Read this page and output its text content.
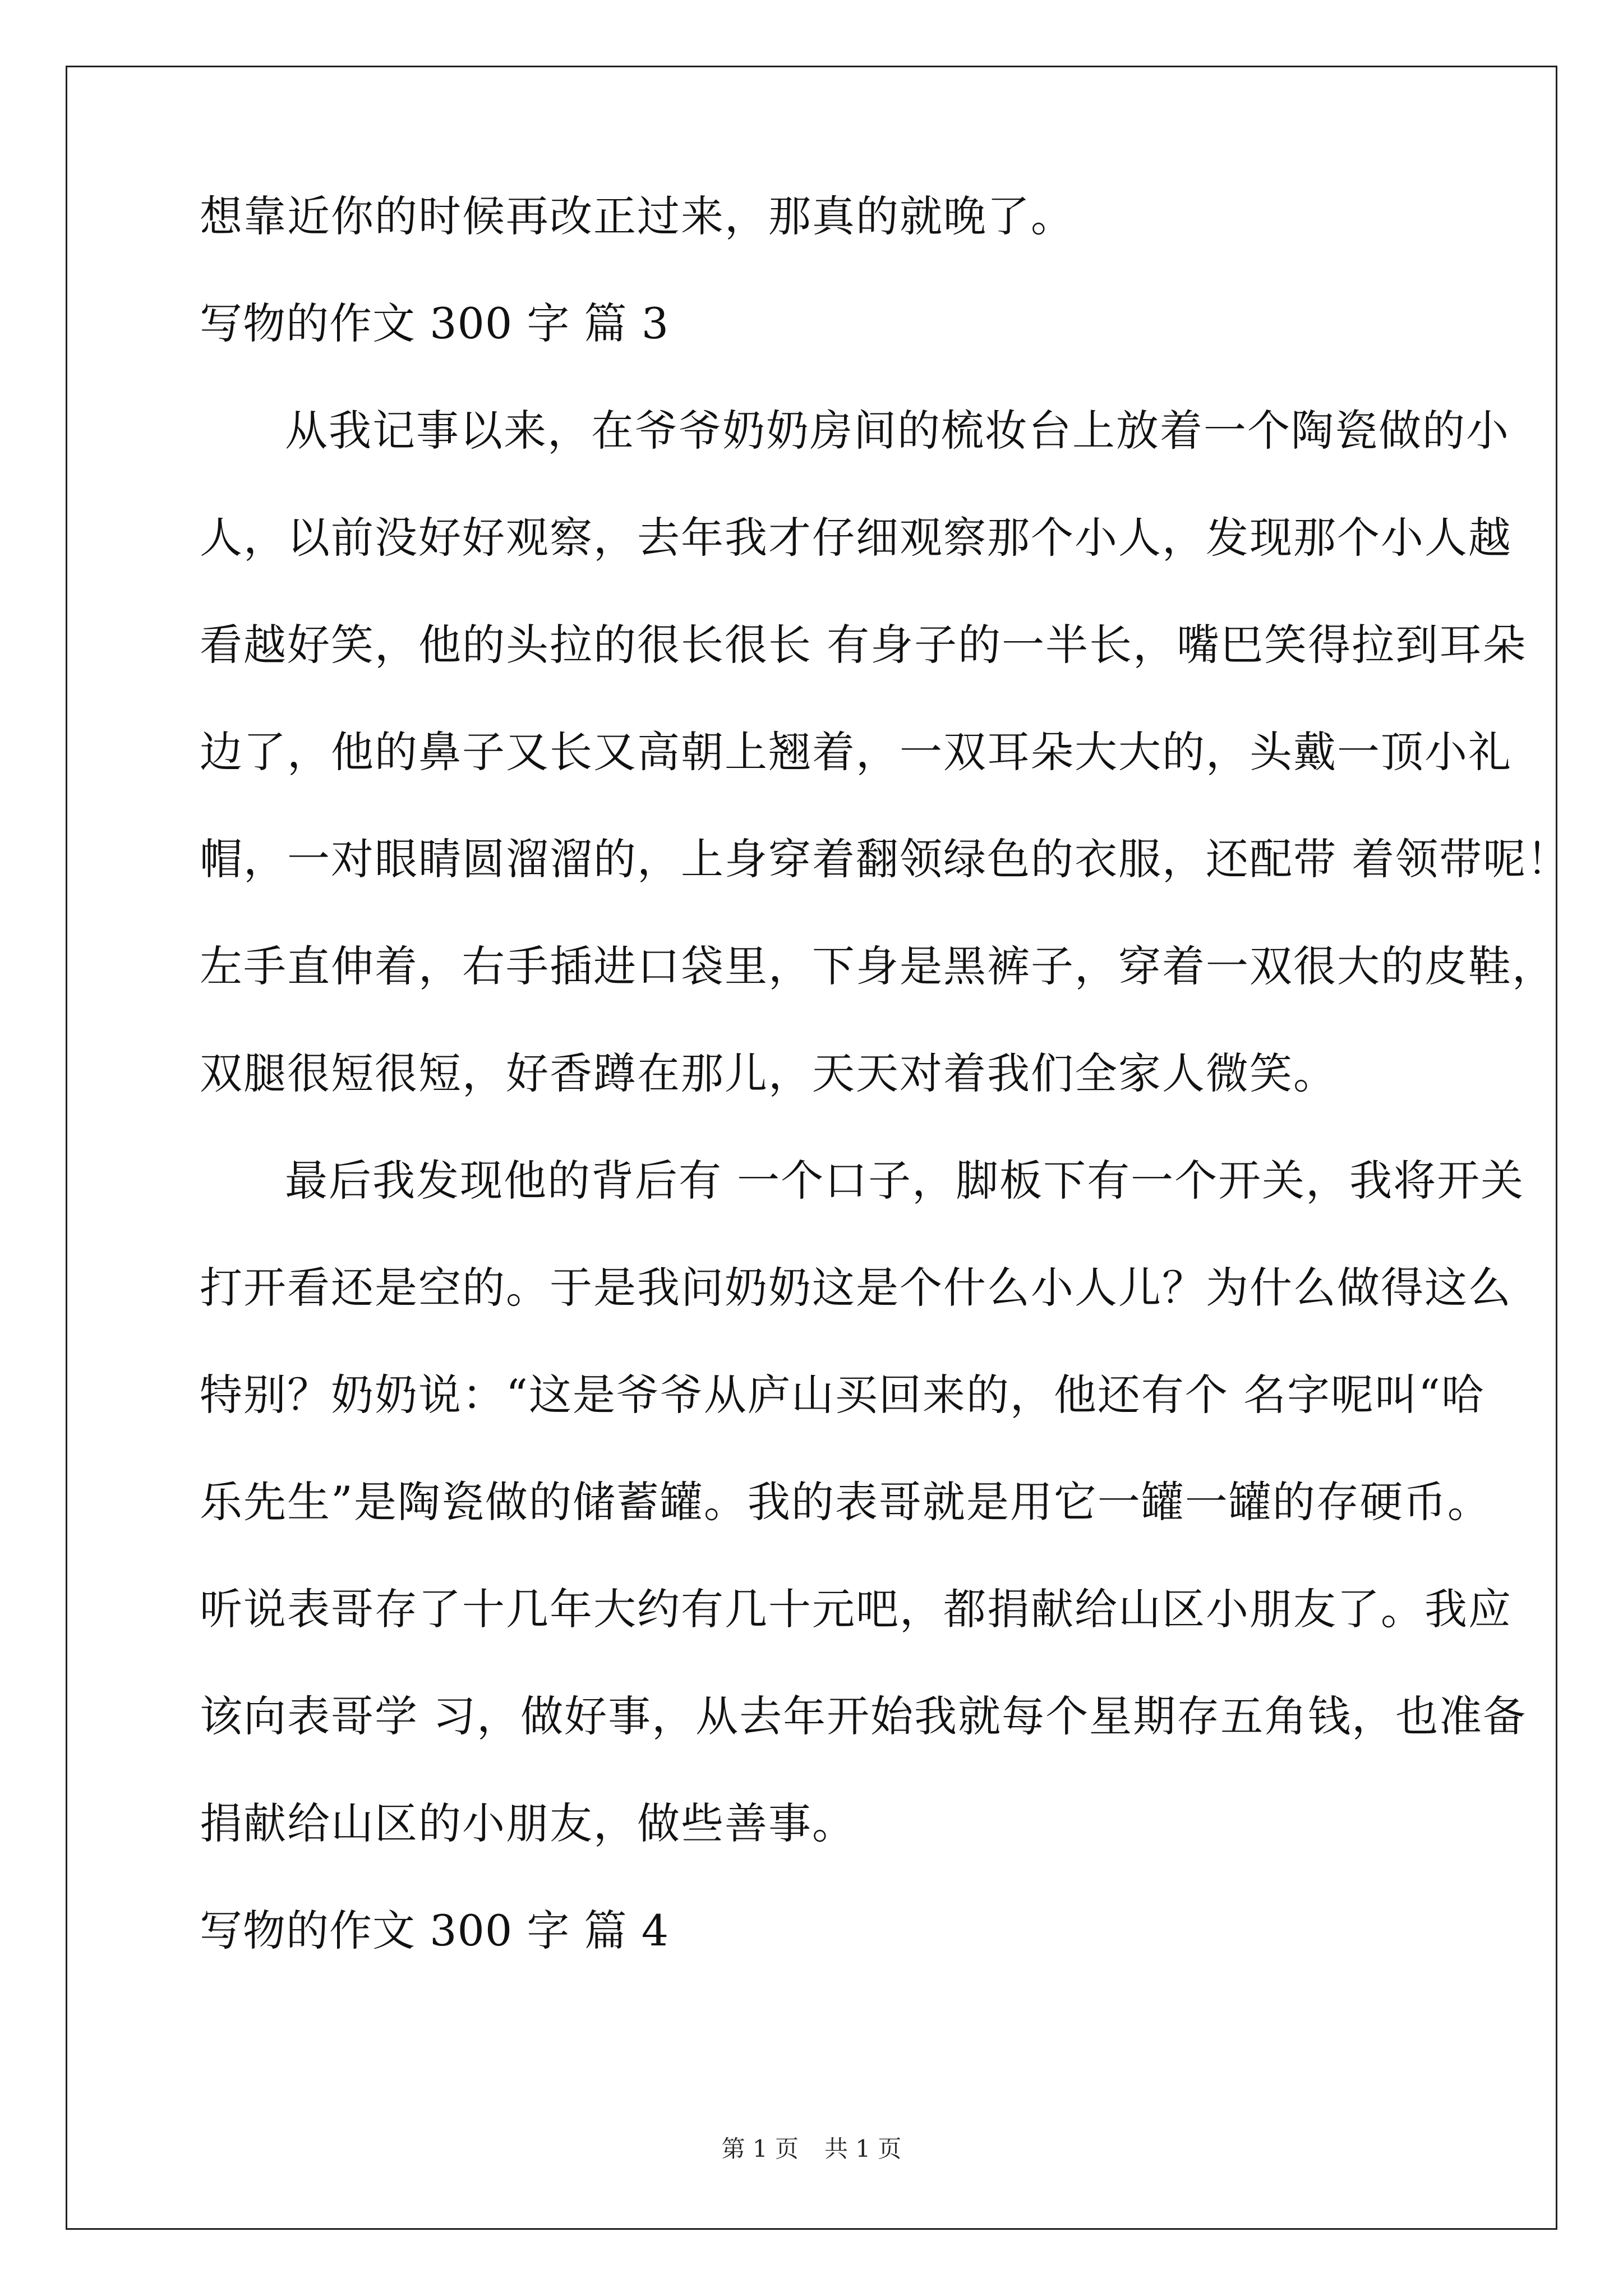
想靠近你的时候再改正过来，那真的就晚了。

写物的作文 300 字 篇 3

从我记事以来，在爷爷奶奶房间的梳妆台上放着一个陶瓷做的小

人，以前没好好观察，去年我才仔细观察那个小人，发现那个小人越

看越好笑，他的头拉的很长很长 有身子的一半长，嘴巴笑得拉到耳朵

边了，他的鼻子又长又高朝上翘着，一双耳朵大大的，头戴一顶小礼

帽，一对眼睛圆溜溜的，上身穿着翻领绿色的衣服，还配带 着领带呢！

左手直伸着，右手插进口袋里，下身是黑裤子，穿着一双很大的皮鞋，

双腿很短很短，好香蹲在那儿，天天对着我们全家人微笑。

最后我发现他的背后有 一个口子，脚板下有一个开关，我将开关

打开看还是空的。于是我问奶奶这是个什么小人儿？为什么做得这么

特别？奶奶说：“这是爷爷从庐山买回来的，他还有个 名字呢叫“哈

乐先生”是陶瓷做的储蓄罐。我的表哥就是用它一罐一罐的存硬币。

听说表哥存了十几年大约有几十元吧，都捐献给山区小朋友了。我应

该向表哥学 习，做好事，从去年开始我就每个星期存五角钱，也准备

捐献给山区的小朋友，做些善事。

写物的作文 300 字 篇 4

第 1 页 共 1 页
